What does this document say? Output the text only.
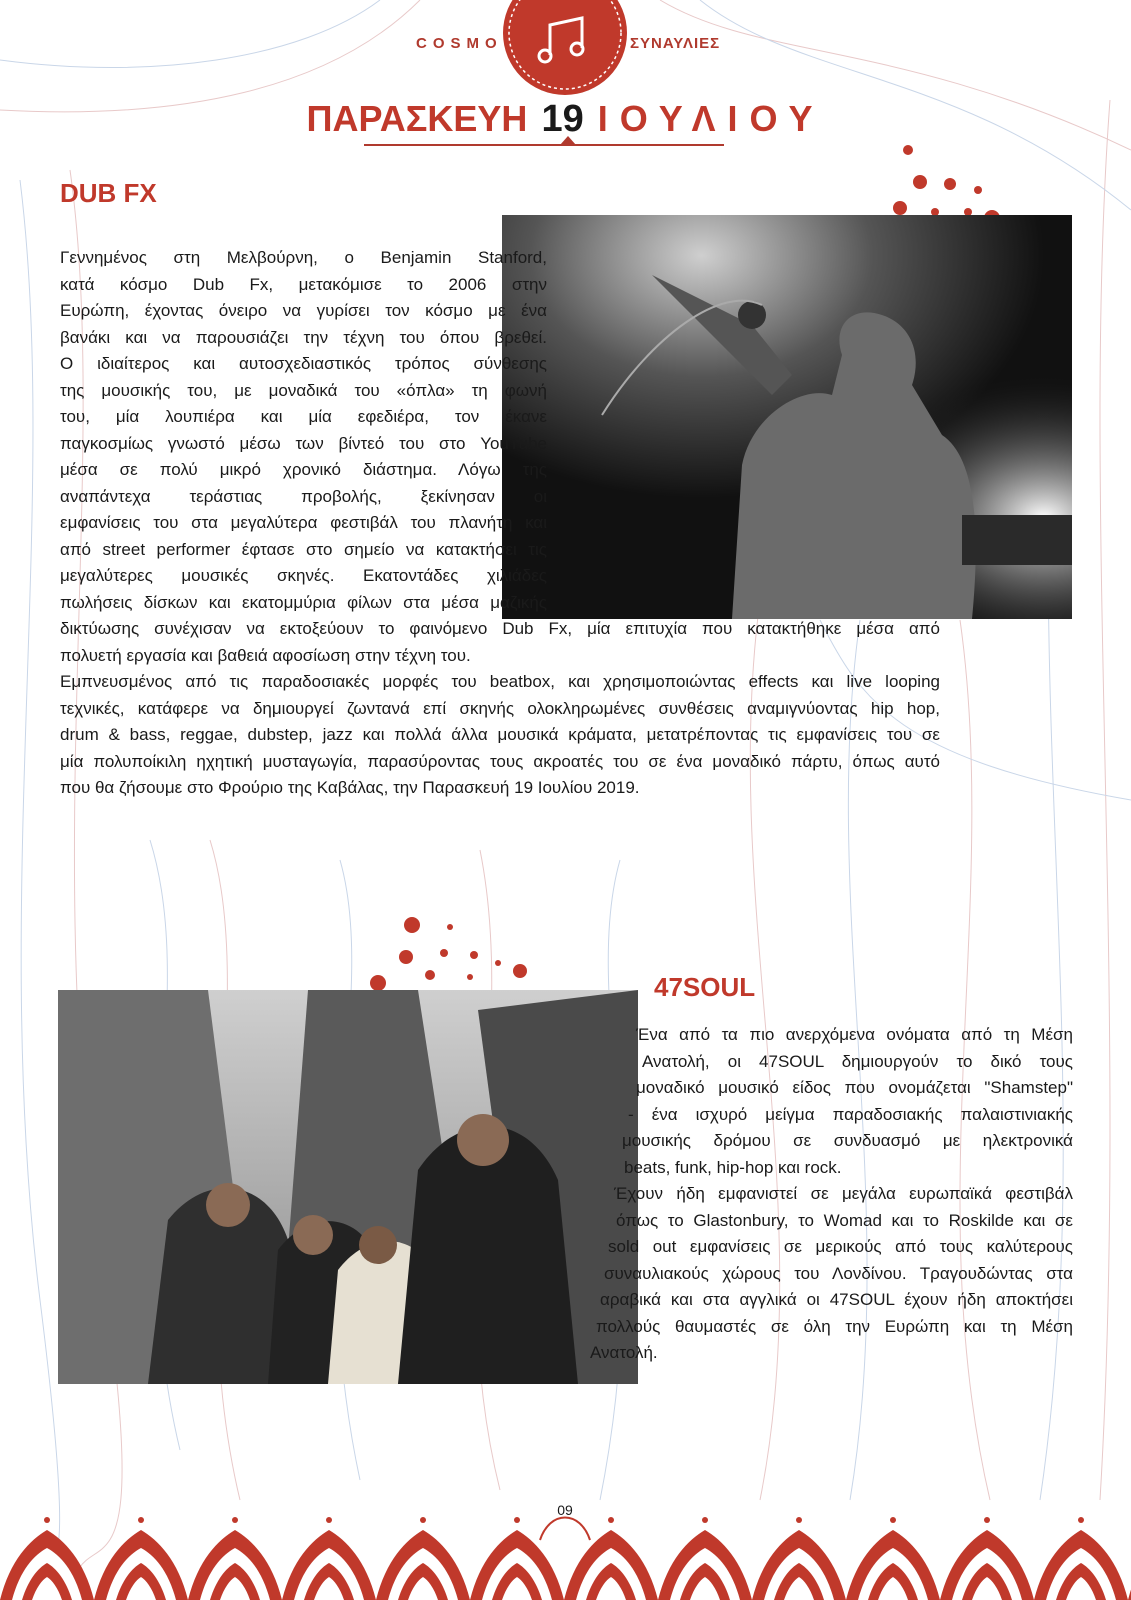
COSMO	ΣΥΝΑΥΛΙΕΣ
ΠΑΡΑΣΚΕΥΗ 19 ΙΟΥΛΙΟΥ
DUB FX
Γεννημένος στη Μελβούρνη, ο Benjamin Stanford,
κατά κόσμο Dub Fx, μετακόμισε το 2006 στην
Ευρώπη, έχοντας όνειρο να γυρίσει τον κόσμο με ένα
βανάκι και να παρουσιάζει την τέχνη του όπου βρεθεί.
Ο ιδιαίτερος και αυτοσχεδιαστικός τρόπος σύνθεσης
της μουσικής του, με μοναδικά του «όπλα» τη φωνή
του, μία λουπιέρα και μία εφεδιέρα, τον έκανε
παγκοσμίως γνωστό μέσω των βίντεό του στο YouTube
μέσα σε πολύ μικρό χρονικό διάστημα. Λόγω της
αναπάντεχα τεράστιας προβολής, ξεκίνησαν οι
εμφανίσεις του στα μεγαλύτερα φεστιβάλ του πλανήτη και
από street performer έφτασε στο σημείο να κατακτήσει τις
μεγαλύτερες μουσικές σκηνές. Εκατοντάδες χιλιάδες
πωλήσεις δίσκων και εκατομμύρια φίλων στα μέσα μαζικής
δικτύωσης συνέχισαν να εκτοξεύουν το φαινόμενο Dub Fx, μία επιτυχία που κατακτήθηκε μέσα από
πολυετή εργασία και βαθειά αφοσίωση στην τέχνη του.
Εμπνευσμένος από τις παραδοσιακές μορφές του beatbox, και χρησιμοποιώντας effects και live looping
τεχνικές, κατάφερε να δημιουργεί ζωντανά επί σκηνής ολοκληρωμένες συνθέσεις αναμιγνύοντας hip hop,
drum & bass, reggae, dubstep, jazz και πολλά άλλα μουσικά κράματα, μετατρέποντας τις εμφανίσεις του σε
μία πολυποίκιλη ηχητική μυσταγωγία, παρασύροντας τους ακροατές του σε ένα μοναδικό πάρτυ, όπως αυτό
που θα ζήσουμε στο Φρούριο της Καβάλας, την Παρασκευή 19 Ιουλίου 2019.
47SOUL
Ένα από τα πιο ανερχόμενα ονόματα από τη Μέση
Ανατολή, οι 47SOUL δημιουργούν το δικό τους
μοναδικό μουσικό είδος που ονομάζεται "Shamstep"
- ένα ισχυρό μείγμα παραδοσιακής παλαιστινιακής
μουσικής δρόμου σε συνδυασμό με ηλεκτρονικά
beats, funk, hip-hop και rock.
Έχουν ήδη εμφανιστεί σε μεγάλα ευρωπαϊκά φεστιβάλ
όπως το Glastonbury, το Womad και το Roskilde και σε
sold out εμφανίσεις σε μερικούς από τους καλύτερους
συναυλιακούς χώρους του Λονδίνου. Τραγουδώντας στα
αραβικά και στα αγγλικά οι 47SOUL έχουν ήδη αποκτήσει
πολλούς θαυμαστές σε όλη την Ευρώπη και τη Μέση
Ανατολή.
09
